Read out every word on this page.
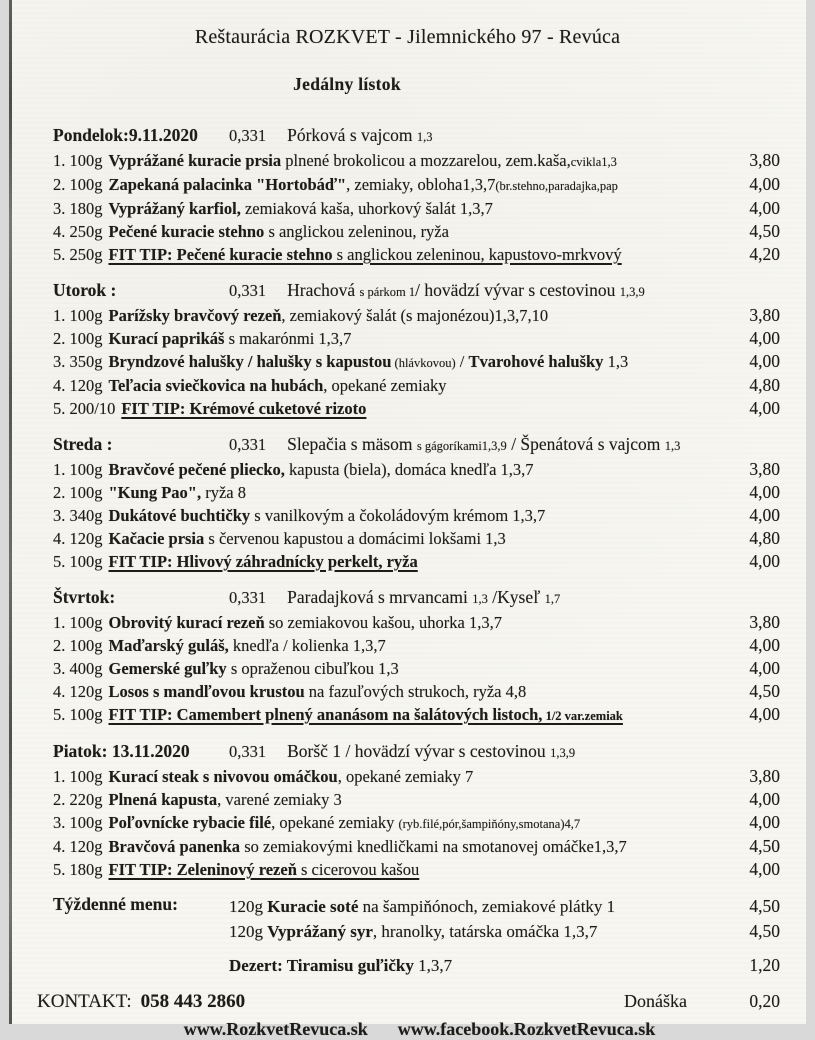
Reštaurácia ROZKVET - Jilemnického 97 - Revúca
Jedálny lístok
Pondelok:9.11.2020	0,331 Pórková s vajcom 1,3
1. 100g Vyprážané kuracie prsia plnené brokolicou a mozzarelou, zem.kaša,cvikla1,3	3,80
2. 100g Zapekaná palacinka "Hortobáď", zemiaky, obloha1,3,7(br.stehno,paradajka,pap	4,00
3. 180g Vyprážaný karfiol, zemiaková kaša, uhorkový šalát 1,3,7	4,00
4. 250g Pečené kuracie stehno s anglickou zeleninou, ryža	4,50
5. 250g FIT TIP: Pečené kuracie stehno s anglickou zeleninou, kapustovo-mrkvový	4,20
Utorok :	0,331 Hrachová s párkom 1/ hovädzí vývar s cestovinou 1,3,9
1. 100g Parížsky bravčový rezeň, zemiakový šalát (s majonézou)1,3,7,10	3,80
2. 100g Kurací paprikáš s makarónmi 1,3,7	4,00
3. 350g Bryndzové halušky / halušky s kapustou (hlávkovou) / Tvarohové halušky 1,3	4,00
4. 120g Teľacia sviečkovica na hubách, opekané zemiaky	4,80
5. 200/10 FIT TIP: Krémové cuketové rizoto	4,00
Streda :	0,331 Slepačia s mäsom s gágoríkami1,3,9 / Špenátová s vajcom 1,3
1. 100g Bravčové pečené pliecko, kapusta (biela), domáca knedľa 1,3,7	3,80
2. 100g "Kung Pao", ryža 8	4,00
3. 340g Dukátové buchtičky s vanilkovým a čokoládovým krémom 1,3,7	4,00
4. 120g Kačacie prsia s červenou kapustou a domácimi lokšami 1,3	4,80
5. 100g FIT TIP: Hlivový záhradnícky perkelt, ryža	4,00
Štvrtok:	0,331 Paradajková s mrvancami 1,3 /Kyseľ 1,7
1. 100g Obrovitý kurací rezeň so zemiakovou kašou, uhorka 1,3,7	3,80
2. 100g Maďarský guláš, knedľa / kolienka 1,3,7	4,00
3. 400g Gemerské guľky s opraženou cibuľkou 1,3	4,00
4. 120g Losos s mandľovou krustou na fazuľových strukoch, ryža 4,8	4,50
5. 100g FIT TIP: Camembert plnený ananásom na šalátových listoch, 1/2 var.zemiak	4,00
Piatok: 13.11.2020	0,331 Boršč 1 / hovädzí vývar s cestovinou 1,3,9
1. 100g Kurací steak s nivovou omáčkou, opekané zemiaky 7	3,80
2. 220g Plnená kapusta, varené zemiaky 3	4,00
3. 100g Poľovnícke rybacie filé, opekané zemiaky (ryb.filé,pór,šampiňóny,smotana)4,7	4,00
4. 120g Bravčová panenka so zemiakovými knedličkami na smotanovej omáčke1,3,7	4,50
5. 180g FIT TIP: Zeleninový rezeň s cicerovou kašou	4,00
Týždenné menu:	120g Kuracie soté na šampiňónoch, zemiakové plátky 1	4,50
120g Vyprážaný syr, hranolky, tatárska omáčka 1,3,7	4,50
Dezert: Tiramisu guľičky 1,3,7	1,20
KONTAKT: 058 443 2860	Donáška	0,20
www.RozkvetRevuca.sk www.facebook.RozkvetRevuca.sk
